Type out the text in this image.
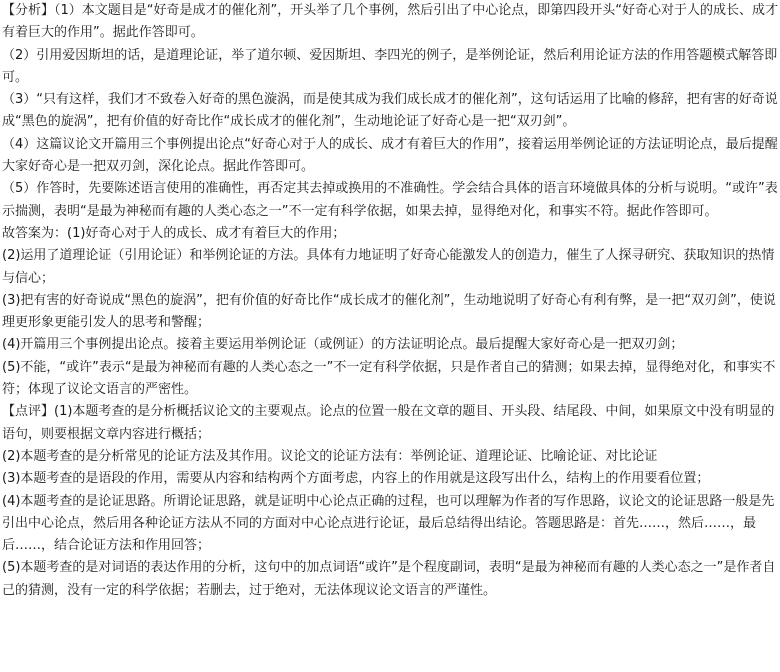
【分析】（1）本文题目是“好奇是成才的催化剂”，开头举了几个事例，然后引出了中心论点，即第四段开头“好奇心对于人的成长、成才有着巨大的作用”。据此作答即可。

（2）引用爱因斯坦的话，是道理论证，举了道尔顿、爱因斯坦、李四光的例子，是举例论证，然后利用论证方法的作用答题模式解答即可。

（3）“只有这样，我们才不致卷入好奇的黑色漩涡，而是使其成为我们成长成才的催化剂”，这句话运用了比喻的修辞，把有害的好奇说成“黑色的旋涡”，把有价值的好奇比作“成长成才的催化剂”，生动地论证了好奇心是一把“双刃剑”。

（4）这篇议论文开篇用三个事例提出论点“好奇心对于人的成长、成才有着巨大的作用”，接着运用举例论证的方法证明论点，最后提醒大家好奇心是一把双刃剑，深化论点。据此作答即可。

（5）作答时，先要陈述语言使用的准确性，再否定其去掉或换用的不准确性。学会结合具体的语言环境做具体的分析与说明。“或许”表示揣测，表明“是最为神秘而有趣的人类心态之一”不一定有科学依据，如果去掉，显得绝对化，和事实不符。据此作答即可。

故答案为：(1)好奇心对于人的成长、成才有着巨大的作用；

(2)运用了道理论证（引用论证）和举例论证的方法。具体有力地证明了好奇心能激发人的创造力，催生了人探寻研究、获取知识的热情与信心；

(3)把有害的好奇说成“黑色的旋涡”，把有价值的好奇比作“成长成才的催化剂”，生动地说明了好奇心有利有弊，是一把“双刃剑”，使说理更形象更能引发人的思考和警醒；

(4)开篇用三个事例提出论点。接着主要运用举例论证（或例证）的方法证明论点。最后提醒大家好奇心是一把双刃剑；

(5)不能，“或许”表示“是最为神秘而有趣的人类心态之一”不一定有科学依据，只是作者自己的猜测；如果去掉，显得绝对化，和事实不符；体现了议论文语言的严密性。

【点评】(1)本题考查的是分析概括议论文的主要观点。论点的位置一般在文章的题目、开头段、结尾段、中间，如果原文中没有明显的语句，则要根据文章内容进行概括；

(2)本题考查的是分析常见的论证方法及其作用。议论文的论证方法有：举例论证、道理论证、比喻论证、对比论证

(3)本题考查的是语段的作用，需要从内容和结构两个方面考虑，内容上的作用就是这段写出什么，结构上的作用要看位置；

(4)本题考查的是论证思路。所谓论证思路，就是证明中心论点正确的过程，也可以理解为作者的写作思路，议论文的论证思路一般是先引出中心论点，然后用各种论证方法从不同的方面对中心论点进行论证，最后总结得出结论。答题思路是：首先……，然后……，最后……，结合论证方法和作用回答；

(5)本题考查的是对词语的表达作用的分析，这句中的加点词语“或许”是个程度副词，表明“是最为神秘而有趣的人类心态之一”是作者自己的猜测，没有一定的科学依据；若删去，过于绝对，无法体现议论文语言的严谨性。
